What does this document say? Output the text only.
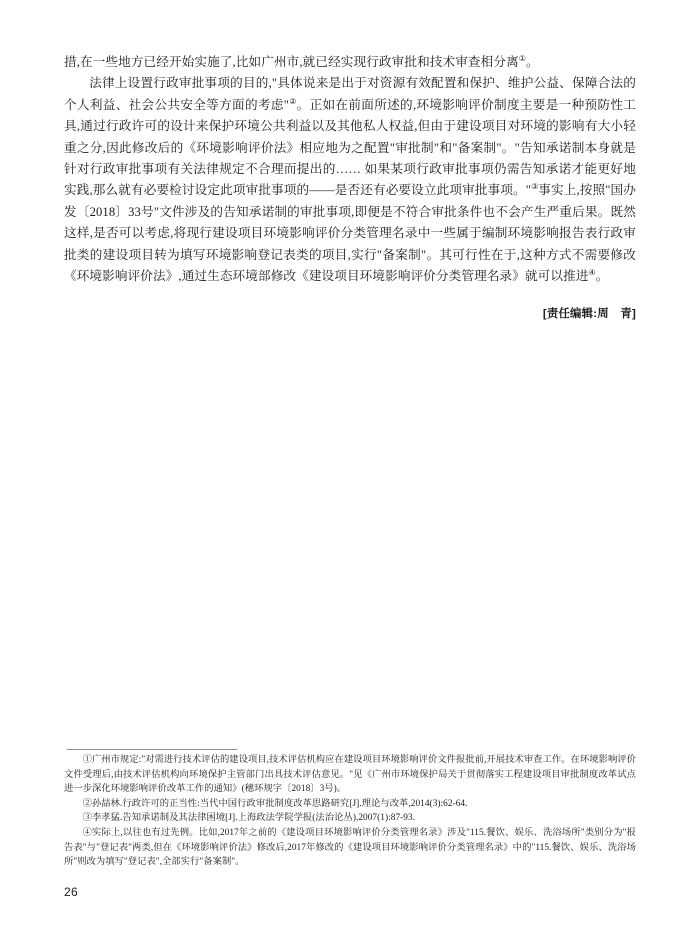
措,在一些地方已经开始实施了,比如广州市,就已经实现行政审批和技术审查相分离①。

法律上设置行政审批事项的目的,"具体说来是出于对资源有效配置和保护、维护公益、保障合法的个人利益、社会公共安全等方面的考虑"②。正如在前面所述的,环境影响评价制度主要是一种预防性工具,通过行政许可的设计来保护环境公共利益以及其他私人权益,但由于建设项目对环境的影响有大小轻重之分,因此修改后的《环境影响评价法》相应地为之配置"审批制"和"备案制"。"告知承诺制本身就是针对行政审批事项有关法律规定不合理而提出的…… 如果某项行政审批事项仍需告知承诺才能更好地实践,那么就有必要检讨设定此项审批事项的——是否还有必要设立此项审批事项。"③事实上,按照"国办发〔2018〕33号"文件涉及的告知承诺制的审批事项,即便是不符合审批条件也不会产生严重后果。既然这样,是否可以考虑,将现行建设项目环境影响评价分类管理名录中一些属于编制环境影响报告表行政审批类的建设项目转为填写环境影响登记表类的项目,实行"备案制"。其可行性在于,这种方式不需要修改《环境影响评价法》,通过生态环境部修改《建设项目环境影响评价分类管理名录》就可以推进④。

[责任编辑:周　青]

①广州市规定:"对需进行技术评估的建设项目,技术评估机构应在建设项目环境影响评价文件报批前,开展技术审查工作。在环境影响评价文件受理后,由技术评估机构向环境保护主管部门出具技术评估意见。"见《广州市环境保护局关于贯彻落实工程建设项目审批制度改革试点进一步深化环境影响评价改革工作的通知》(穗环规字〔2018〕3号)。

②孙喆林.行政许可的正当性:当代中国行政审批制度改革思路研究[J].理论与改革,2014(3):62-64.

③李孝猛.告知承诺制及其法律困境[J].上海政法学院学报(法治论丛),2007(1):87-93.

④实际上,以往也有过先例。比如,2017年之前的《建设项目环境影响评价分类管理名录》涉及"115.餐饮、娱乐、洗浴场所"类别分为"报告表"与"登记表"两类,但在《环境影响评价法》修改后,2017年修改的《建设项目环境影响评价分类管理名录》中的"115.餐饮、娱乐、洗浴场所"则改为填写"登记表",全部实行"备案制"。

26
